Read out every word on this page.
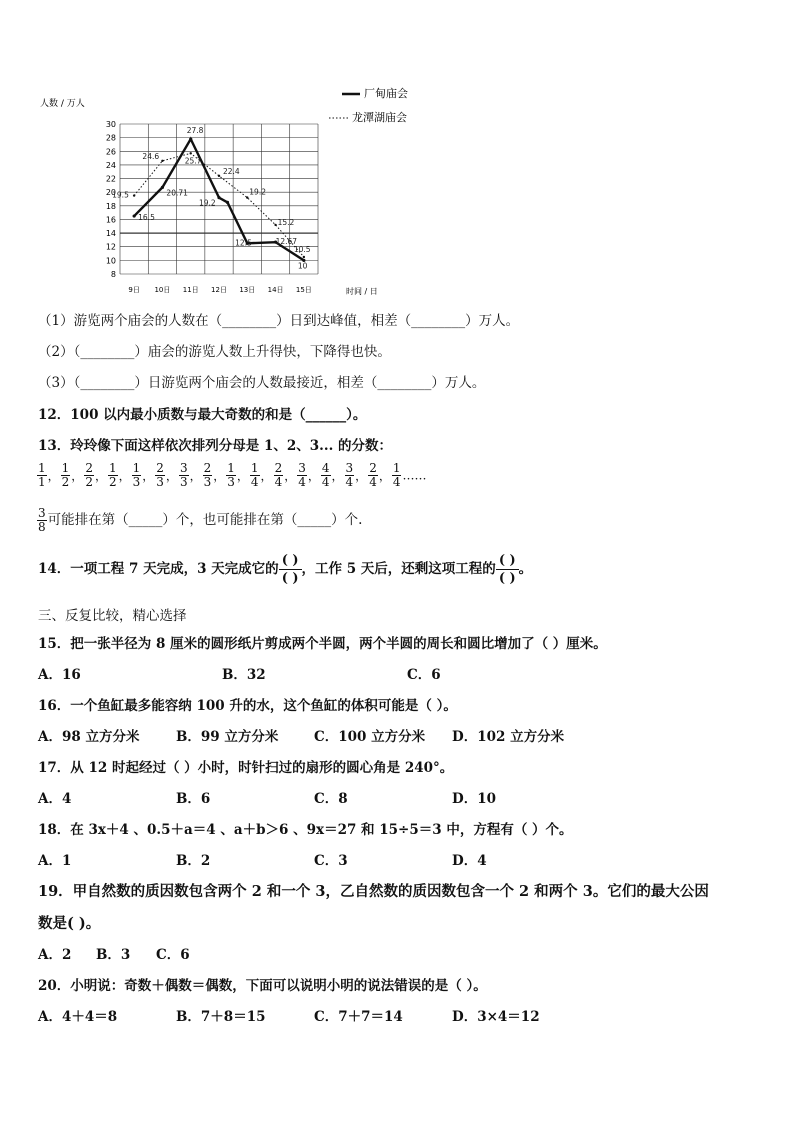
8
10
12
14
16
18
20
22
24
26
28
30
9日 10日 11日 12日 13日 14日 15日
16.5
19.5
24.6
20.71
27.8
25.7
22.4
19.2
19.2
12.5	12.67
15.2
10.5
10
人数 / 万人
时间 / 日
厂甸庙会
龙潭湖庙会
（1）游览两个庙会的人数在（________）日到达峰值，相差（________）万人。
（2）（________）庙会的游览人数上升得快，下降得也快。
（3）（________）日游览两个庙会的人数最接近，相差（________）万人。
12．100 以内最小质数与最大奇数的和是（______）。
13．玲玲像下面这样依次排列分母是 1、2、3... 的分数：
$\frac{1}{1}$ ， $\frac{1}{2}$ ， $\frac{2}{2}$ ， $\frac{1}{2}$ ， $\frac{1}{3}$ ， $\frac{2}{3}$ ， $\frac{3}{3}$ ， $\frac{2}{3}$ ， $\frac{1}{3}$ ， $\frac{1}{4}$ ， $\frac{2}{4}$ ， $\frac{3}{4}$ ， $\frac{4}{4}$ ， $\frac{3}{4}$ ， $\frac{2}{4}$ ， $\frac{1}{4}$ ……
$\frac{3}{8}$ 可能排在第（_____）个，也可能排在第（_____）个.
14．一项工程 7 天完成，3 天完成它的
( )
( )
，工作 5 天后，还剩这项工程的
( )
( )
。
三、反复比较，精心选择
15．把一张半径为 8 厘米的圆形纸片剪成两个半圆，两个半圆的周长和圆比增加了（ ）厘米。
A．16	B．32	C．6
16．一个鱼缸最多能容纳 100 升的水，这个鱼缸的体积可能是（ ）。
A．98 立方分米	B．99 立方分米	C．100 立方分米 D．102 立方分米
17．从 12 时起经过（ ）小时，时针扫过的扇形的圆心角是 240°。
A．4	B．6	C．8	D．10
18．在 3x＋4 、0.5＋a＝4 、a＋b＞6 、9x＝27 和 15÷5＝3 中，方程有（ ）个。
A．1	B．2	C．3	D．4
19．甲自然数的质因数包含两个 2 和一个 3，乙自然数的质因数包含一个 2 和两个 3。它们的最大公因
数是( )。
A．2 B．3 C．6
20．小明说：奇数＋偶数＝偶数，下面可以说明小明的说法错误的是（ ）。
A．4＋4＝8	B．7＋8＝15	C．7＋7＝14	D．3×4＝12
